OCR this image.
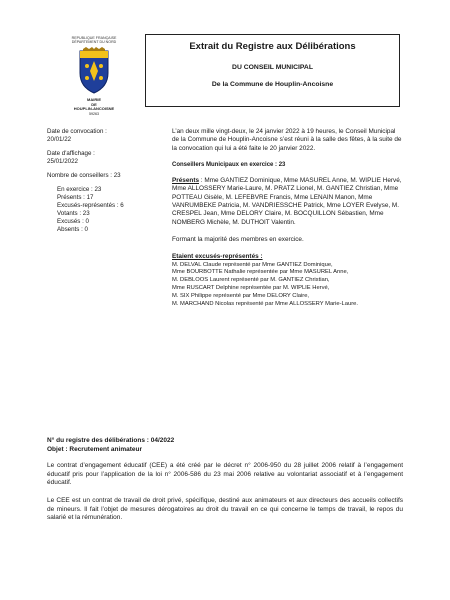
REPUBLIQUE FRANÇAISE
DÉPARTEMENT DU NORD
MAIRIE
DE
HOUPLIN-ANCOISNE
59263
Extrait du Registre aux Délibérations
DU CONSEIL MUNICIPAL
De la Commune de Houplin-Ancoisne
Date de convocation :
20/01/22
Date d'affichage :
25/01/2022
Nombre de conseillers : 23
En exercice : 23
Présents : 17
Excusés-représentés : 6
Votants : 23
Excusés : 0
Absents : 0

L’an deux mille vingt-deux, le 24 janvier 2022 à 19 heures, le Conseil Municipal de la Commune de Houplin-Ancoisne s’est réuni à la salle des fêtes, à la suite de la convocation qui lui a été faite le 20 janvier 2022.

Conseillers Municipaux en exercice : 23

Présents : Mme GANTIEZ Dominique, Mme MASUREL Anne, M. WIPLIE Hervé, Mme ALLOSSERY Marie-Laure, M. PRATZ Lionel, M. GANTIEZ Christian, Mme POTTEAU Gisèle, M. LEFEBVRE Francis, Mme LENAIN Manon, Mme VANRUMBEKE Patricia, M. VANDRIESSCHE Patrick, Mme LOYER Evelyse, M. CRESPEL Jean, Mme DELORY Claire, M. BOCQUILLON Sébastien, Mme NOMBERG Michèle, M. DUTHOIT Valentin.

Formant la majorité des membres en exercice.

Etaient excusés-représentés :

M. DELVAL Claude représenté par Mme GANTIEZ Dominique,

Mme BOURBOTTE Nathalie représentée par Mme MASUREL Anne,

M. DEBLOOS Laurent représenté par M. GANTIEZ Christian,

Mme RUSCART Delphine représentée par M. WIPLIE Hervé,

M. SIX Philippe représenté par Mme DELORY Claire,

M. MARCHAND Nicolas représenté par Mme ALLOSSERY Marie-Laure.

N° du registre des délibérations : 04/2022

Objet : Recrutement animateur

Le contrat d’engagement éducatif (CEE) a été créé par le décret n° 2006-950 du 28 juillet 2006 relatif à l’engagement éducatif pris pour l’application de la loi n° 2006-586 du 23 mai 2006 relative au volontariat associatif et à l’engagement éducatif.

Le CEE est un contrat de travail de droit privé, spécifique, destiné aux animateurs et aux directeurs des accueils collectifs de mineurs. Il fait l’objet de mesures dérogatoires au droit du travail en ce qui concerne le temps de travail, le repos du salarié et la rémunération.
